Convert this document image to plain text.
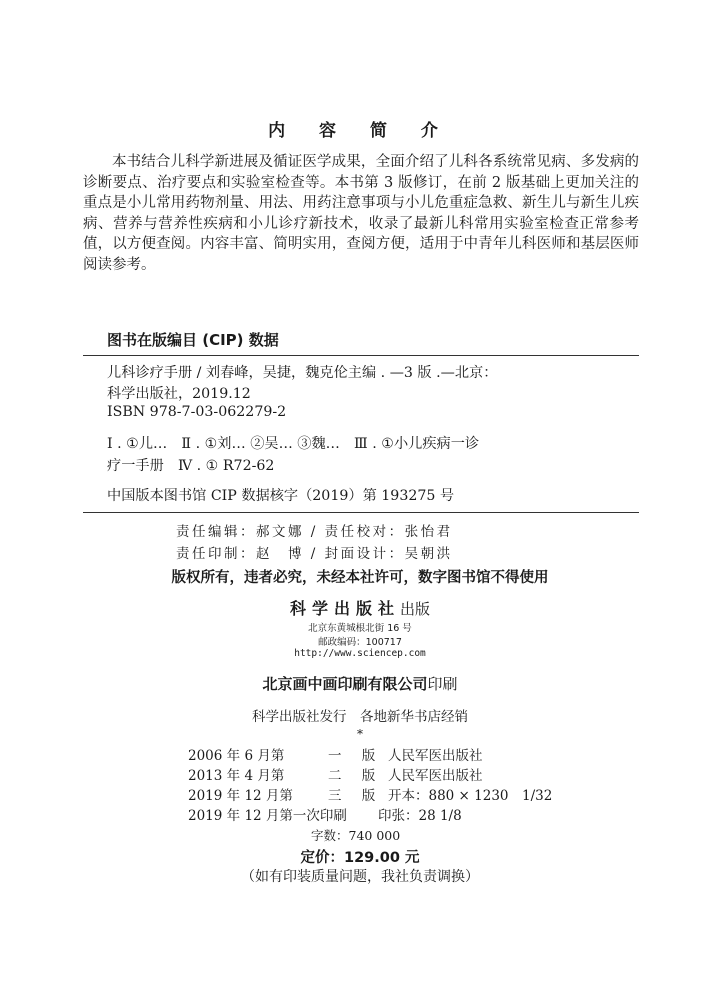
内 容 简 介

本书结合儿科学新进展及循证医学成果，全面介绍了儿科各系统常见病、多发病的诊断要点、治疗要点和实验室检查等。本书第 3 版修订，在前 2 版基础上更加关注的重点是小儿常用药物剂量、用法、用药注意事项与小儿危重症急救、新生儿与新生儿疾病、营养与营养性疾病和小儿诊疗新技术，收录了最新儿科常用实验室检查正常参考值，以方便查阅。内容丰富、简明实用，查阅方便，适用于中青年儿科医师和基层医师阅读参考。

图书在版编目 (CIP) 数据
儿科诊疗手册 / 刘春峰，吴捷，魏克伦主编 . —3 版 .—北京：
科学出版社，2019.12
ISBN 978-7-03-062279-2
Ⅰ . ①儿…　Ⅱ . ①刘… ②吴… ③魏…　Ⅲ . ①小儿疾病一诊
疗一手册　Ⅳ . ① R72-62
中国版本图书馆 CIP 数据核字（2019）第 193275 号
责任编辑：郝文娜 / 责任校对：张怡君
责任印制：赵　博 / 封面设计：吴朝洪
版权所有，违者必究，未经本社许可，数字图书馆不得使用
科学出版社出版
北京东黄城根北街 16 号
邮政编码：100717
http://www.sciencep.com
北京画中画印刷有限公司印刷
科学出版社发行　各地新华书店经销
*
2006 年 6 月第	一 版 人民军医出版社
2013 年 4 月第	二 版 人民军医出版社
2019 年 12 月第	三 版 开本：880 × 1230　1/32
2019 年 12 月第一次印刷 印张：28 1/8
字数：740 000
定价：129.00 元
（如有印装质量问题，我社负责调换）
